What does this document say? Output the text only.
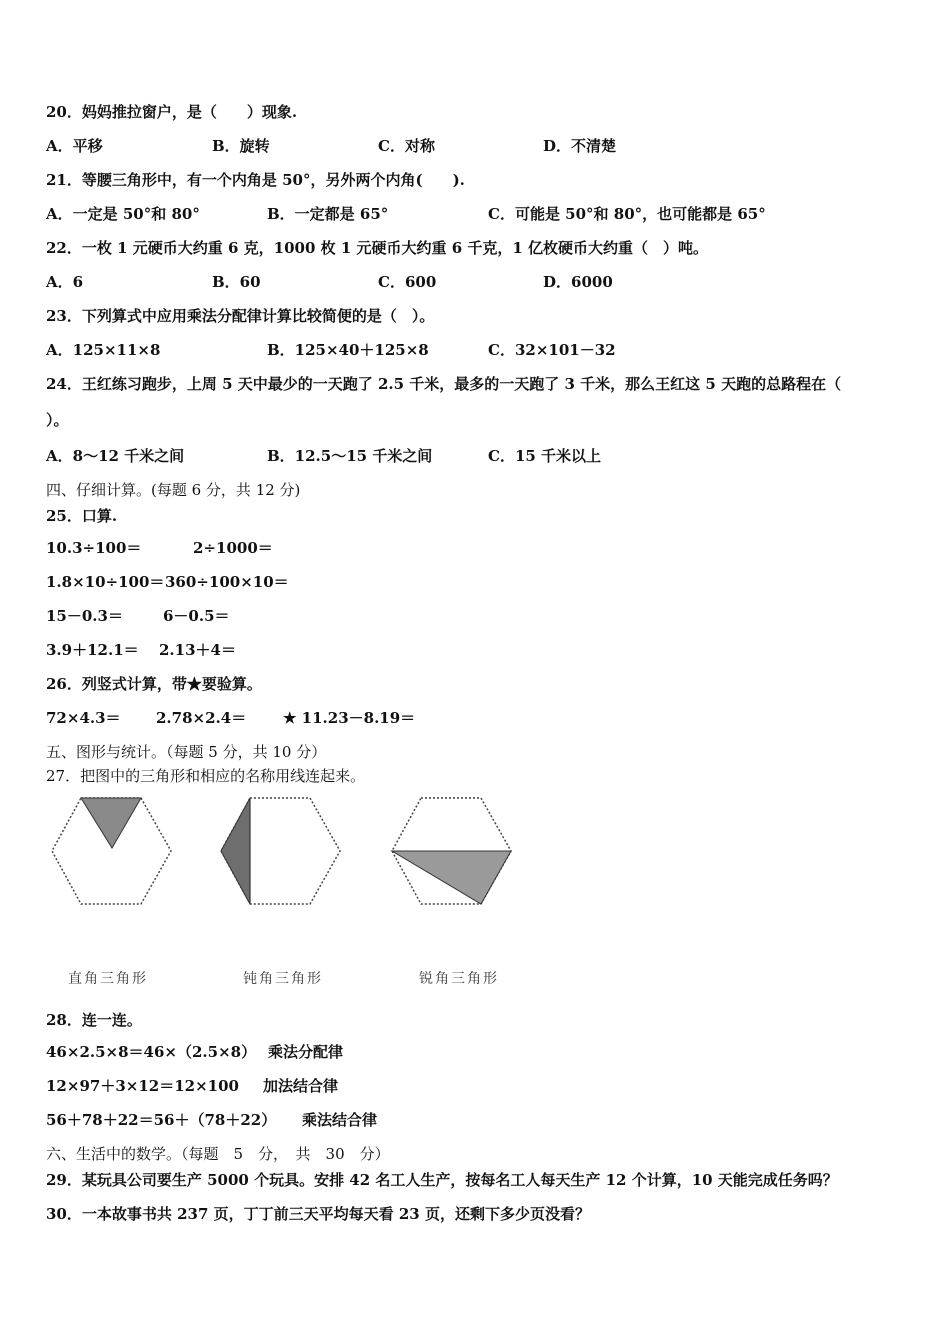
20．妈妈推拉窗户，是（　　）现象.
A．平移	B．旋转	C．对称	D．不清楚
21．等腰三角形中，有一个内角是 50°，另外两个内角(　　).
A．一定是 50°和 80°	B．一定都是 65°	C．可能是 50°和 80°，也可能都是 65°
22．一枚 1 元硬币大约重 6 克，1000 枚 1 元硬币大约重 6 千克，1 亿枚硬币大约重（　）吨。
A．6	B．60	C．600	D．6000
23．下列算式中应用乘法分配律计算比较简便的是（　）。
A．125×11×8	B．125×40＋125×8	C．32×101－32
24．王红练习跑步，上周 5 天中最少的一天跑了 2.5 千米，最多的一天跑了 3 千米，那么王红这 5 天跑的总路程在（
）。
A．8～12 千米之间	B．12.5～15 千米之间	C．15 千米以上
四、仔细计算。(每题 6 分，共 12 分)
25．口算.
10.3÷100＝	2÷1000＝
1.8×10÷100＝ 360÷100×10＝
15－0.3＝	6－0.5＝
3.9＋12.1＝ 2.13＋4＝
26．列竖式计算，带★要验算。
72×4.3＝ 2.78×2.4＝ ★ 11.23－8.19＝
五、图形与统计。（每题 5 分，共 10 分）
27．把图中的三角形和相应的名称用线连起来。
直角三角形	钝角三角形	锐角三角形
28．连一连。
46×2.5×8＝46×（2.5×8） 乘法分配律
12×97＋3×12＝12×100 加法结合律
56＋78＋22＝56＋（78＋22） 乘法结合律
六、生活中的数学。（每题　5　分，　共　30　分）
29．某玩具公司要生产 5000 个玩具。安排 42 名工人生产，按每名工人每天生产 12 个计算，10 天能完成任务吗？
30．一本故事书共 237 页，丁丁前三天平均每天看 23 页，还剩下多少页没看？
